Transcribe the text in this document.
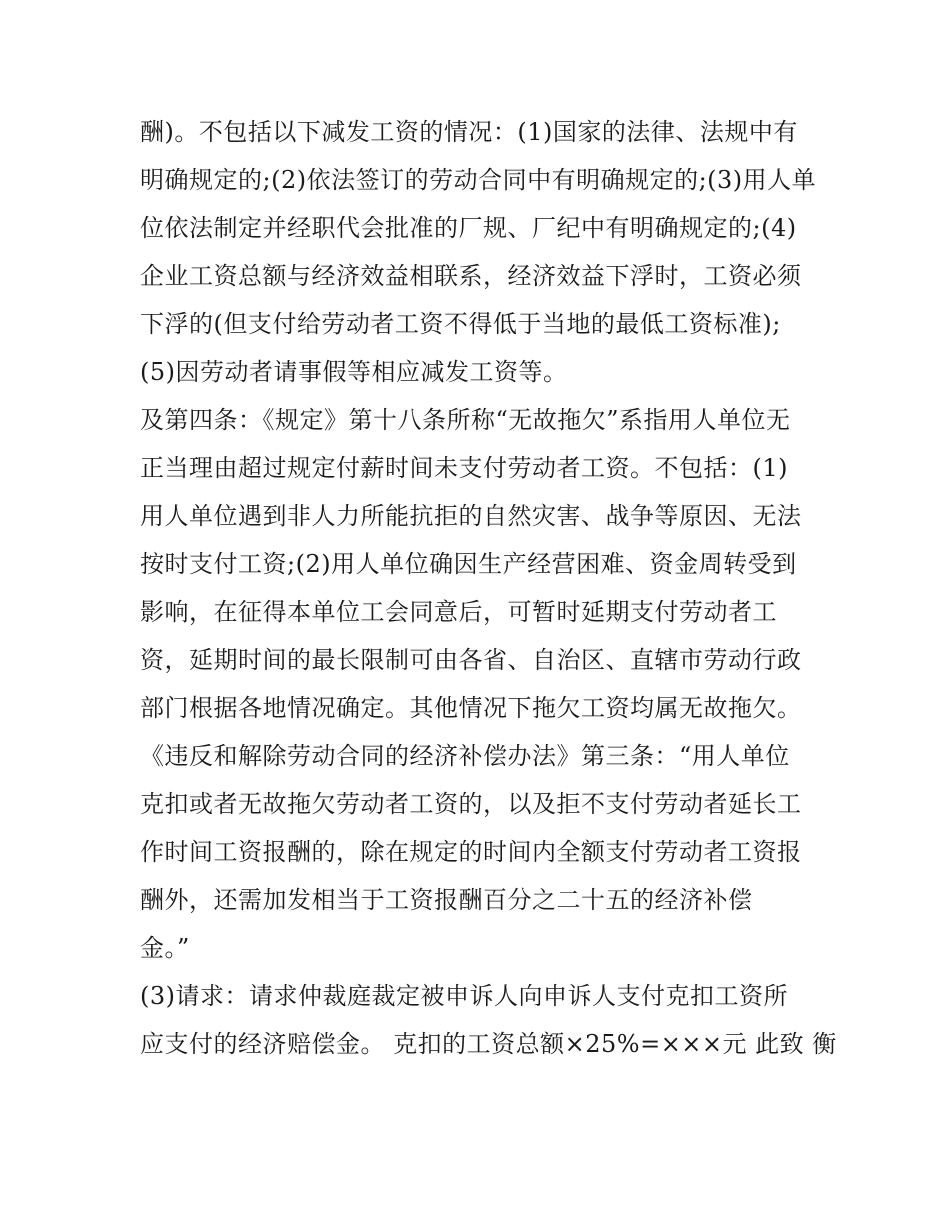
酬)。不包括以下减发工资的情况：(1)国家的法律、法规中有
明确规定的;(2)依法签订的劳动合同中有明确规定的;(3)用人单
位依法制定并经职代会批准的厂规、厂纪中有明确规定的;(4)
企业工资总额与经济效益相联系，经济效益下浮时，工资必须
下浮的(但支付给劳动者工资不得低于当地的最低工资标准);
(5)因劳动者请事假等相应减发工资等。
及第四条：《规定》第十八条所称“无故拖欠”系指用人单位无
正当理由超过规定付薪时间未支付劳动者工资。不包括：(1)
用人单位遇到非人力所能抗拒的自然灾害、战争等原因、无法
按时支付工资;(2)用人单位确因生产经营困难、资金周转受到
影响，在征得本单位工会同意后，可暂时延期支付劳动者工
资，延期时间的最长限制可由各省、自治区、直辖市劳动行政
部门根据各地情况确定。其他情况下拖欠工资均属无故拖欠。
《违反和解除劳动合同的经济补偿办法》第三条：“用人单位
克扣或者无故拖欠劳动者工资的，以及拒不支付劳动者延长工
作时间工资报酬的，除在规定的时间内全额支付劳动者工资报
酬外，还需加发相当于工资报酬百分之二十五的经济补偿
金。”
(3)请求：请求仲裁庭裁定被申诉人向申诉人支付克扣工资所
应支付的经济赔偿金。 克扣的工资总额×25%=×××元 此致 衡
